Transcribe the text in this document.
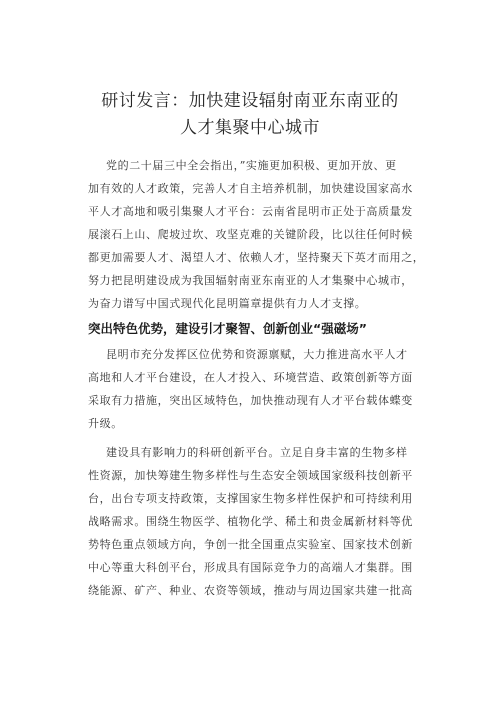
研讨发言：加快建设辐射南亚东南亚的
人才集聚中心城市
党的二十届三中全会指出，”实施更加积极、更加开放、更
加有效的人才政策，完善人才自主培养机制，加快建设国家高水
平人才高地和吸引集聚人才平台：云南省昆明市正处于高质量发
展滚石上山、爬坡过坎、攻坚克难的关键阶段，比以往任何时候
都更加需要人才、渴望人才、依赖人才，坚持聚天下英才而用之，
努力把昆明建设成为我国辐射南亚东南亚的人才集聚中心城市，
为奋力谱写中国式现代化昆明篇章提供有力人才支撑。
突出特色优势，建设引才聚智、创新创业“强磁场”
昆明市充分发挥区位优势和资源禀赋，大力推进高水平人才
高地和人才平台建设，在人才投入、环境营造、政策创新等方面
采取有力措施，突出区域特色，加快推动现有人才平台载体蝶变
升级。
建设具有影响力的科研创新平台。立足自身丰富的生物多样
性资源，加快筹建生物多样性与生态安全领域国家级科技创新平
台，出台专项支持政策，支撑国家生物多样性保护和可持续利用
战略需求。围绕生物医学、植物化学、稀土和贵金属新材料等优
势特色重点领域方向，争创一批全国重点实验室、国家技术创新
中心等重大科创平台，形成具有国际竞争力的高端人才集群。围
绕能源、矿产、种业、农资等领域，推动与周边国家共建一批高
